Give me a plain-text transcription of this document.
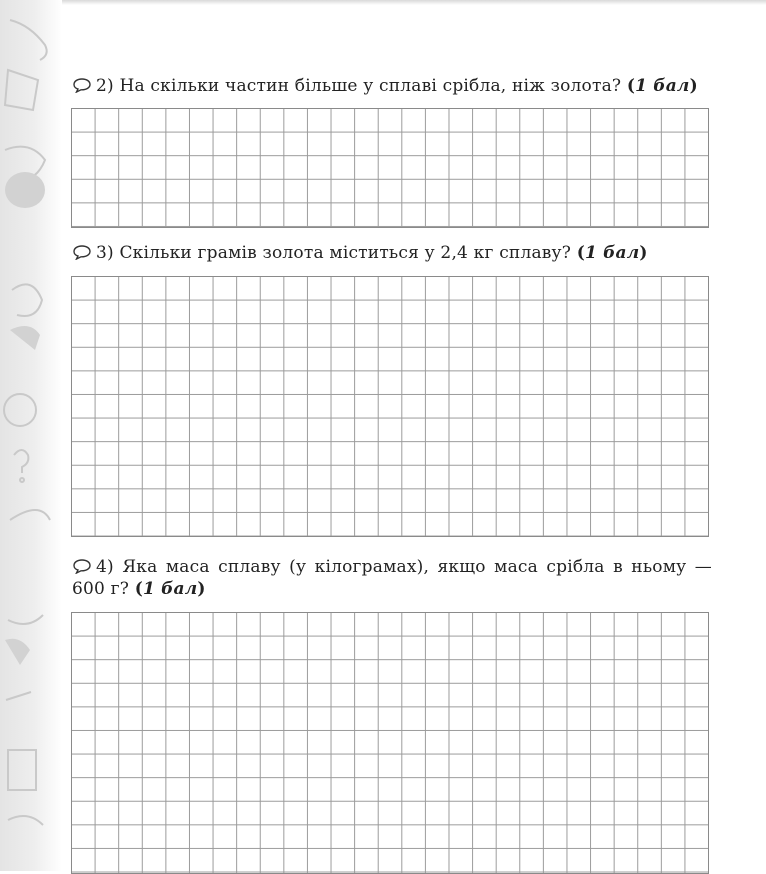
2) На скільки частин більше у сплаві срібла, ніж золота? (1 бал)

3) Скільки грамів золота міститься у 2,4 кг сплаву? (1 бал)

4) Яка маса сплаву (у кілограмах), якщо маса срібла в ньому — 600 г? (1 бал)
